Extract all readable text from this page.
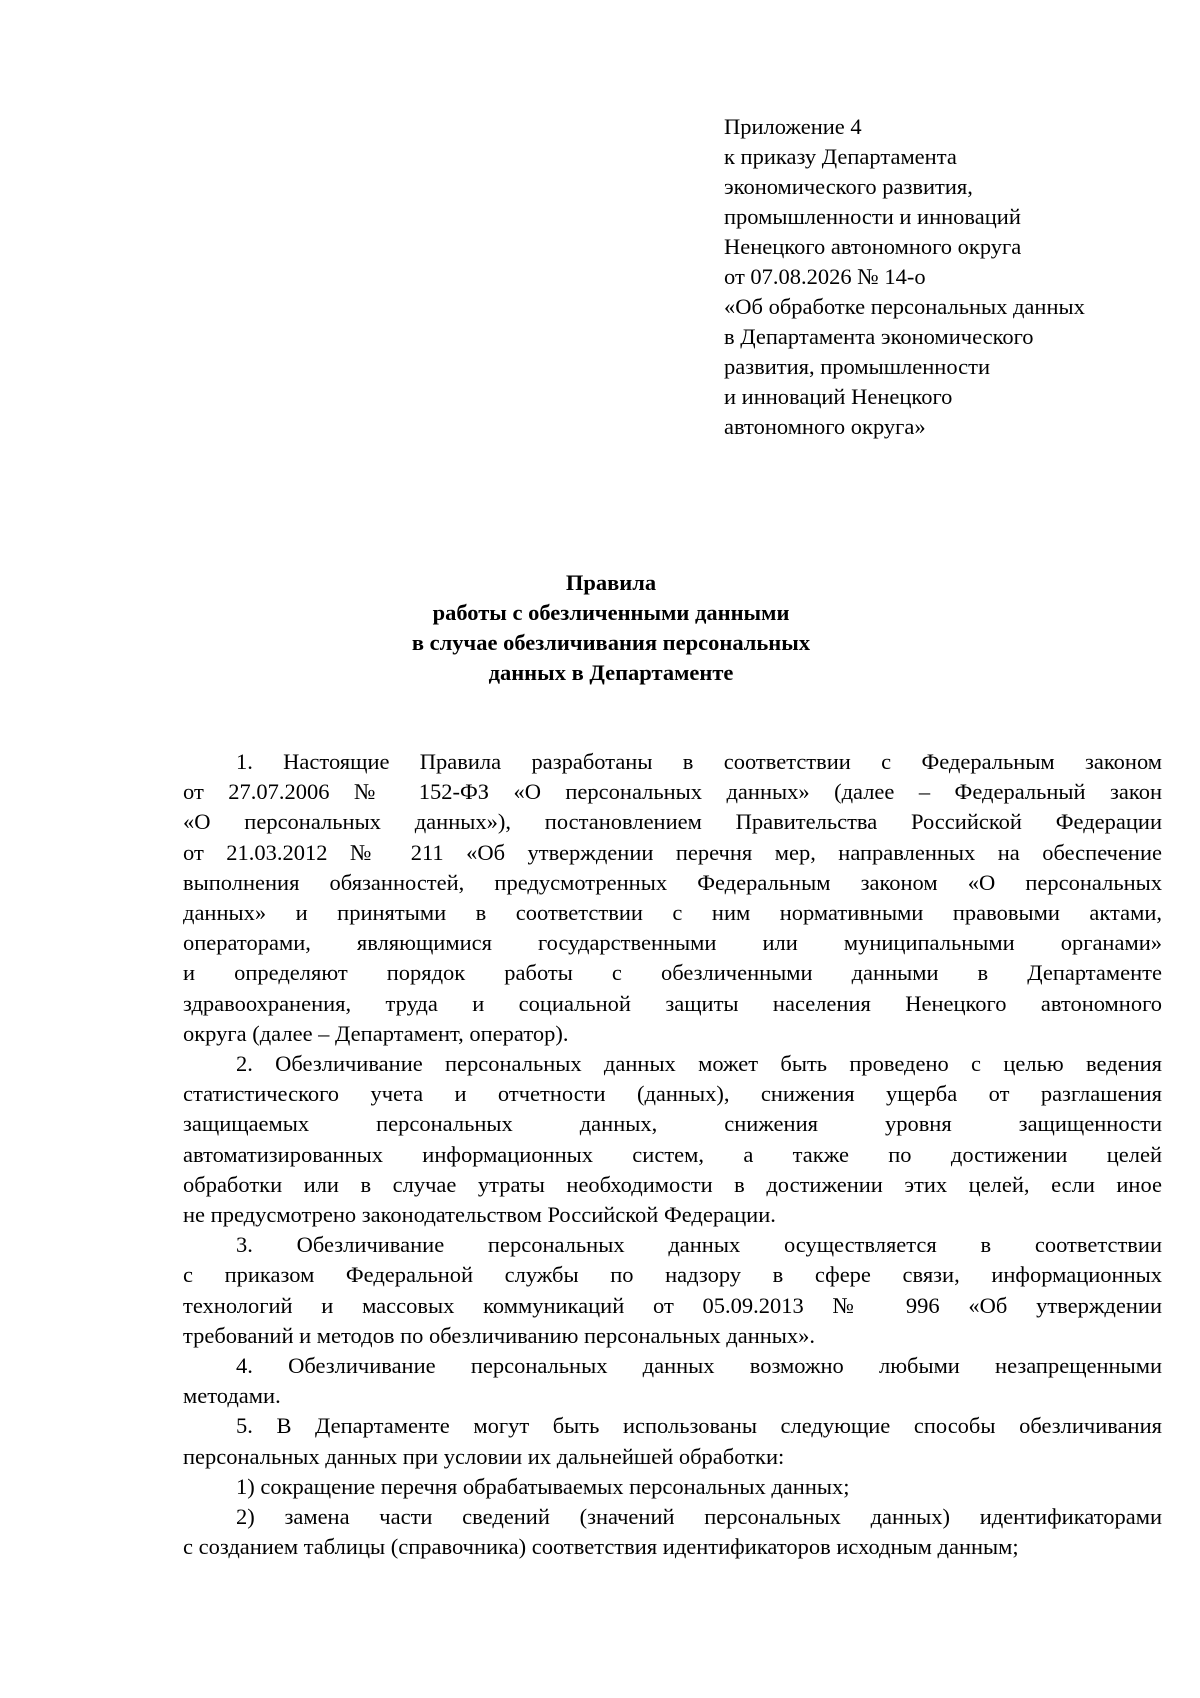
Приложение 4
к приказу Департамента
экономического развития,
промышленности и инноваций
Ненецкого автономного округа
от 07.08.2026 № 14-о
«Об обработке персональных данных
в Департамента экономического
развития, промышленности
и инноваций Ненецкого
автономного округа»
Правила
работы с обезличенными данными
в случае обезличивания персональных
данных в Департаменте
1. Настоящие Правила разработаны в соответствии с Федеральным законом
от 27.07.2006 № 152-ФЗ «О персональных данных» (далее – Федеральный закон
«О персональных данных»), постановлением Правительства Российской Федерации
от 21.03.2012 № 211 «Об утверждении перечня мер, направленных на обеспечение
выполнения обязанностей, предусмотренных Федеральным законом «О персональных
данных» и принятыми в соответствии с ним нормативными правовыми актами,
операторами, являющимися государственными или муниципальными органами»
и определяют порядок работы с обезличенными данными в Департаменте
здравоохранения, труда и социальной защиты населения Ненецкого автономного
округа (далее – Департамент, оператор).
2. Обезличивание персональных данных может быть проведено с целью ведения
статистического учета и отчетности (данных), снижения ущерба от разглашения
защищаемых персональных данных, снижения уровня защищенности
автоматизированных информационных систем, а также по достижении целей
обработки или в случае утраты необходимости в достижении этих целей, если иное
не предусмотрено законодательством Российской Федерации.
3. Обезличивание персональных данных осуществляется в соответствии
с приказом Федеральной службы по надзору в сфере связи, информационных
технологий и массовых коммуникаций от 05.09.2013 № 996 «Об утверждении
требований и методов по обезличиванию персональных данных».
4. Обезличивание персональных данных возможно любыми незапрещенными
методами.
5. В Департаменте могут быть использованы следующие способы обезличивания
персональных данных при условии их дальнейшей обработки:
1) сокращение перечня обрабатываемых персональных данных;
2) замена части сведений (значений персональных данных) идентификаторами
с созданием таблицы (справочника) соответствия идентификаторов исходным данным;
